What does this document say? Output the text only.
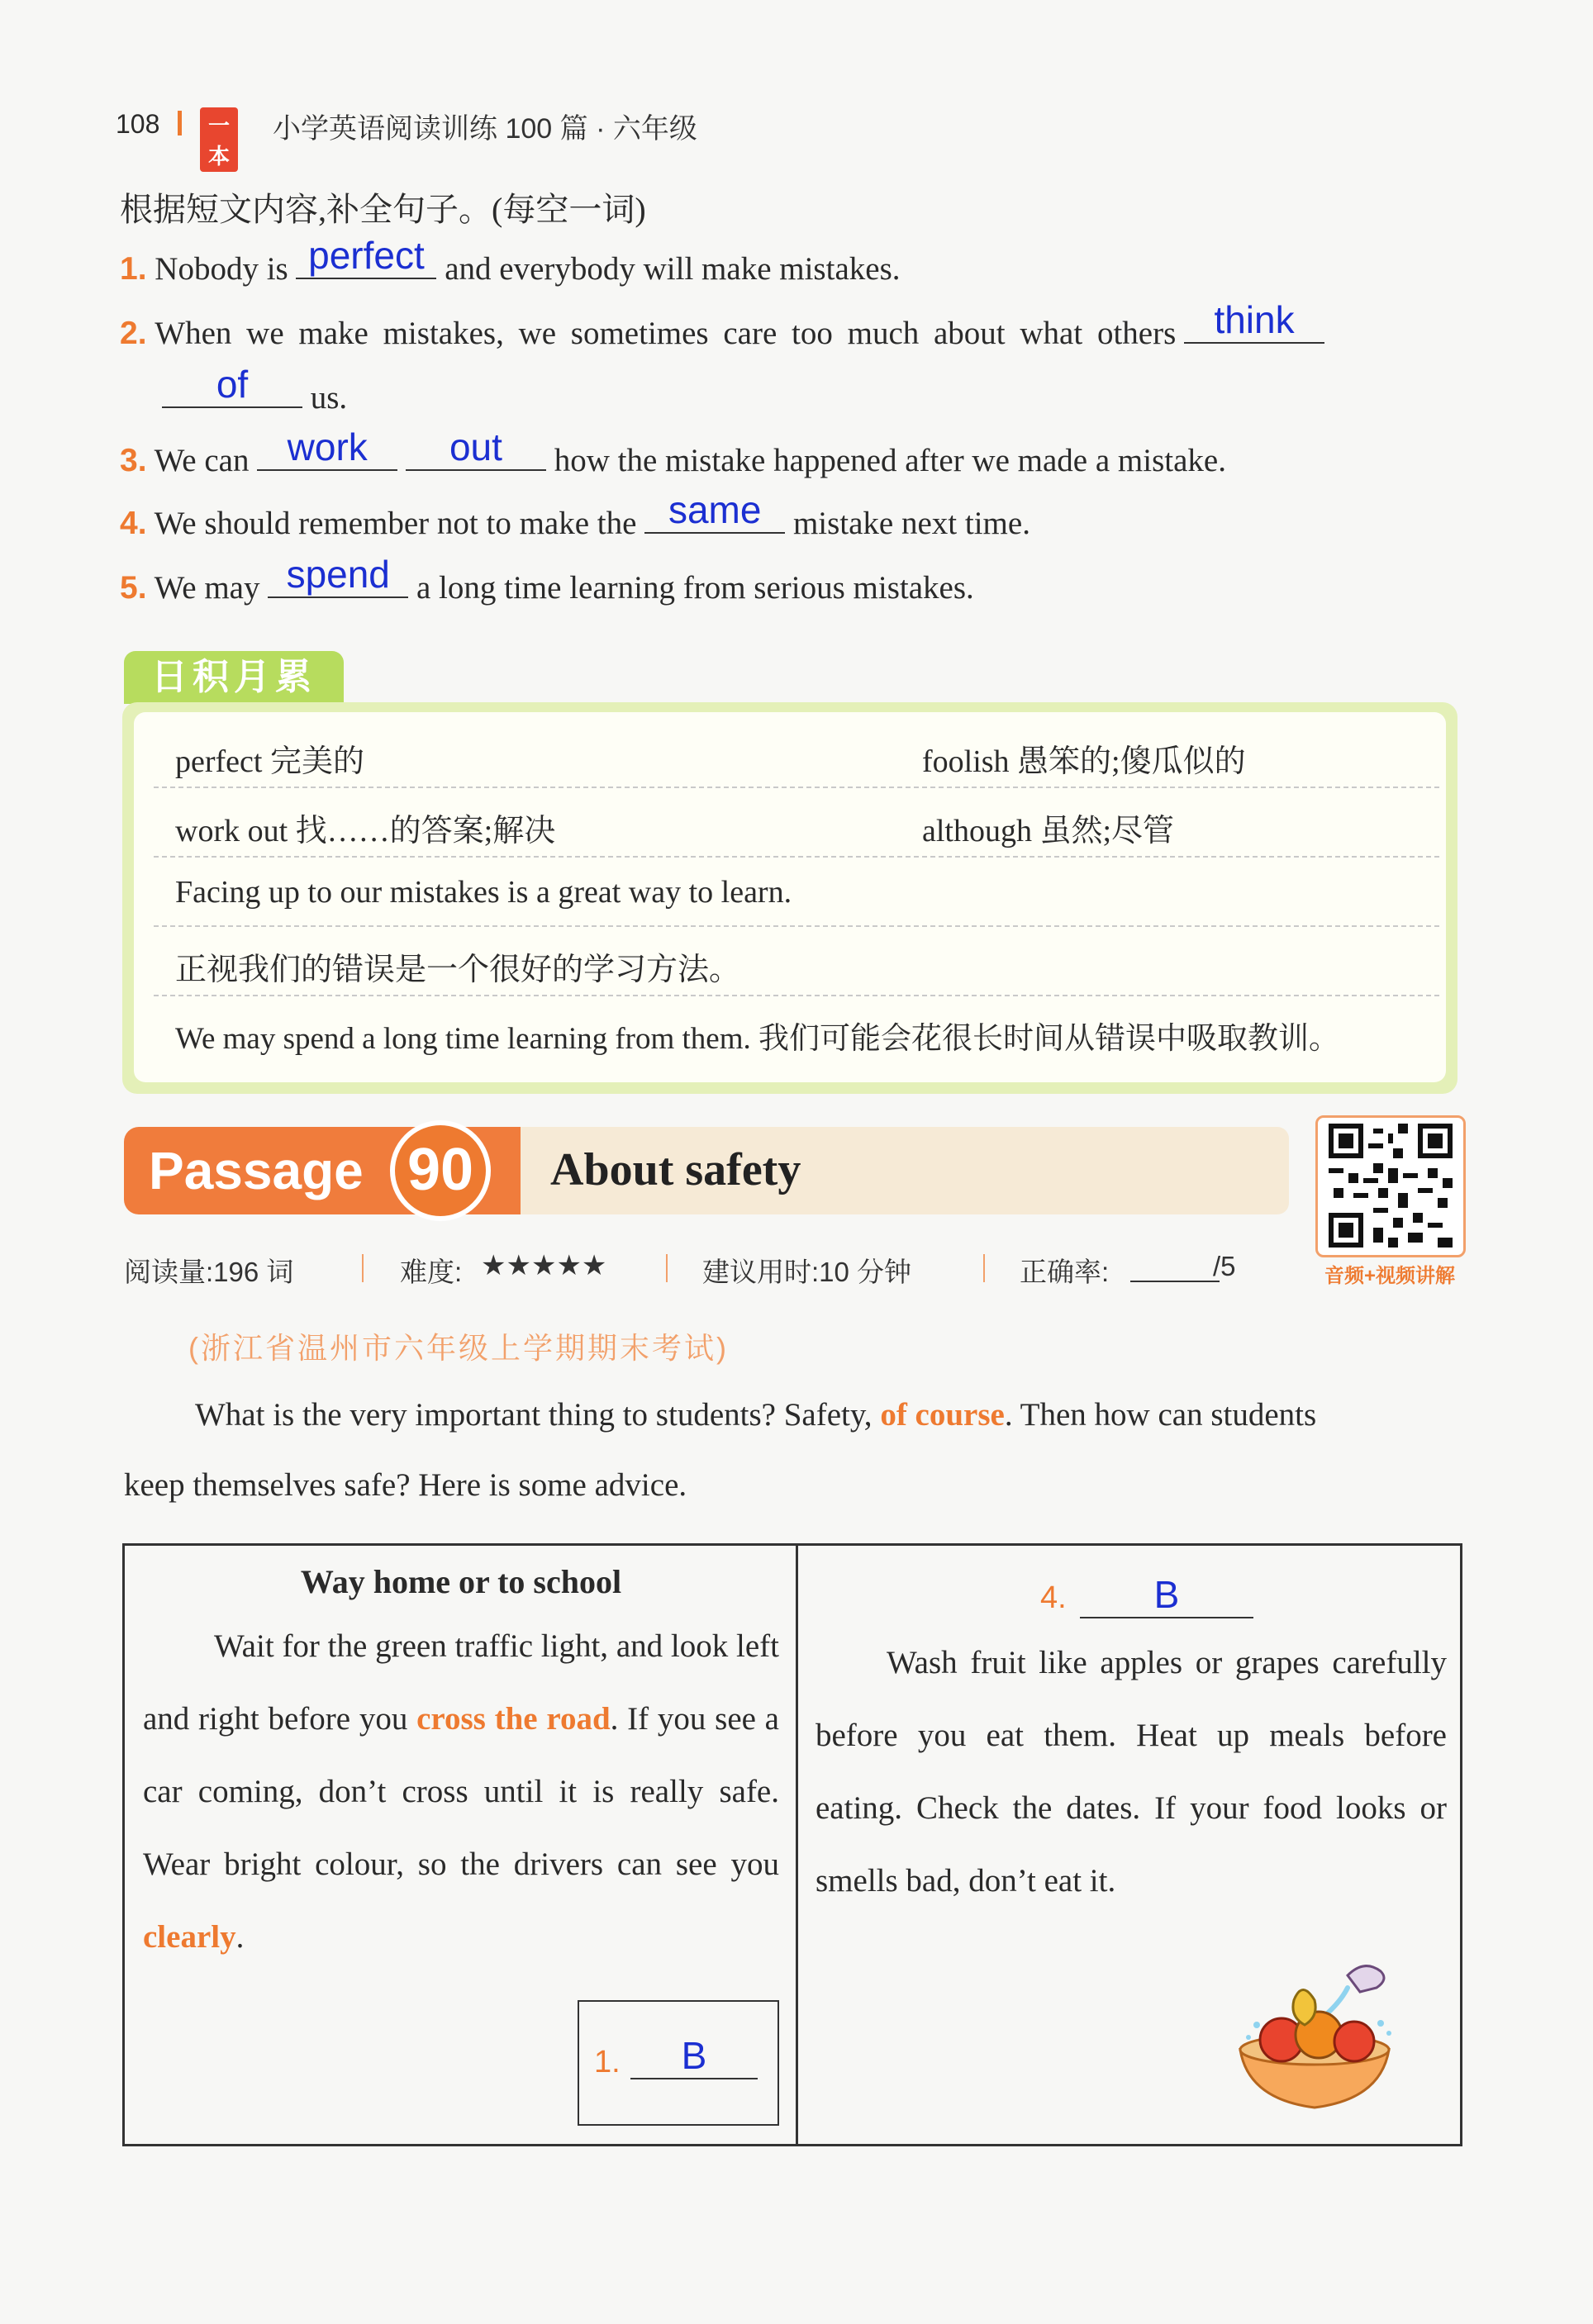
108	一本
小学英语阅读训练 100 篇 · 六年级
根据短文内容,补全句子。(每空一词)
1. Nobody is perfect and everybody will make mistakes.
2. When we make mistakes, we sometimes care too much about what others	think
of	us.
3. We can	work
	out	how the mistake happened after we made a mistake.
4. We should remember not to make the same mistake next time.
5. We may spend a long time learning from serious mistakes.
日积月累
perfect 完美的	foolish 愚笨的;傻瓜似的
work out 找……的答案;解决	although 虽然;尽管
Facing up to our mistakes is a great way to learn.
正视我们的错误是一个很好的学习方法。
We may spend a long time learning from them. 我们可能会花很长时间从错误中吸取教训。
Passage 90	About safety
音频+视频讲解
阅读量:196 词	难度: ★★★★★	建议用时:10 分钟	正确率:	/5
(浙江省温州市六年级上学期期末考试)
What is the very important thing to students? Safety, of course. Then how can students
keep themselves safe? Here is some advice.
Way home or to school
Wait for the green traffic light, and look left and right before you cross the road. If you see a car coming, don’t cross until it is really safe. Wear bright colour, so the drivers can see you clearly.
1.	B
4.	B
Wash fruit like apples or grapes carefully before you eat them. Heat up meals before eating. Check the dates. If your food looks or smells bad, don’t eat it.
